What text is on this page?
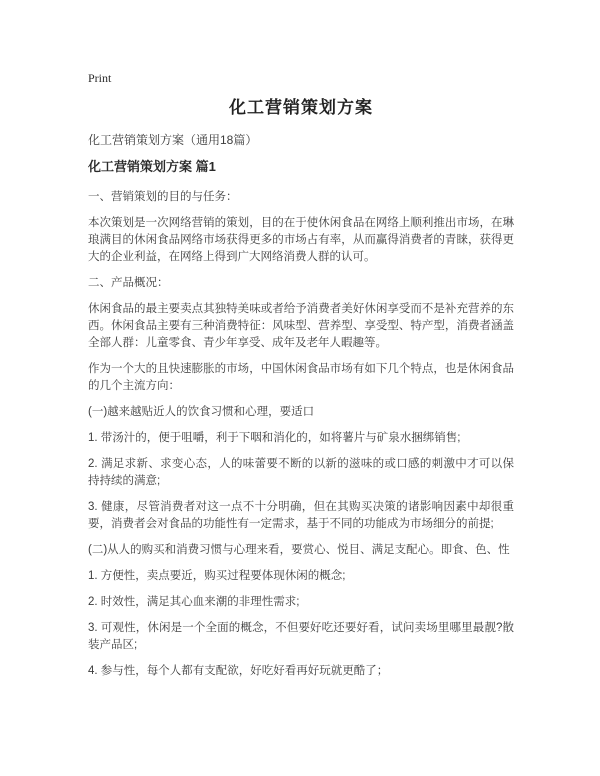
Print
化工营销策划方案
化工营销策划方案（通用18篇）
化工营销策划方案 篇1

一、营销策划的目的与任务：

本次策划是一次网络营销的策划，目的在于使休闲食品在网络上顺利推出市场，在琳琅满目的休闲食品网络市场获得更多的市场占有率，从而赢得消费者的青睐，获得更大的企业利益，在网络上得到广大网络消费人群的认可。

二、产品概况：

休闲食品的最主要卖点其独特美味或者给予消费者美好休闲享受而不是补充营养的东西。休闲食品主要有三种消费特征：风味型、营养型、享受型、特产型，消费者涵盖全部人群：儿童零食、青少年享受、成年及老年人暇趣等。

作为一个大的且快速膨胀的市场，中国休闲食品市场有如下几个特点，也是休闲食品的几个主流方向：

(一)越来越贴近人的饮食习惯和心理，要适口

1. 带汤汁的，便于咀嚼，利于下咽和消化的，如将薯片与矿泉水捆绑销售;

2. 满足求新、求变心态，人的味蕾要不断的以新的滋味的或口感的刺激中才可以保持持续的满意;

3. 健康，尽管消费者对这一点不十分明确，但在其购买决策的诸影响因素中却很重要，消费者会对食品的功能性有一定需求，基于不同的功能成为市场细分的前提;

(二)从人的购买和消费习惯与心理来看，要赏心、悦目、满足支配心。即食、色、性

1. 方便性，卖点要近，购买过程要体现休闲的概念;

2. 时效性，满足其心血来潮的非理性需求;

3. 可观性，休闲是一个全面的概念，不但要好吃还要好看，试问卖场里哪里最靓?散装产品区;

4. 参与性，每个人都有支配欲，好吃好看再好玩就更酷了；
